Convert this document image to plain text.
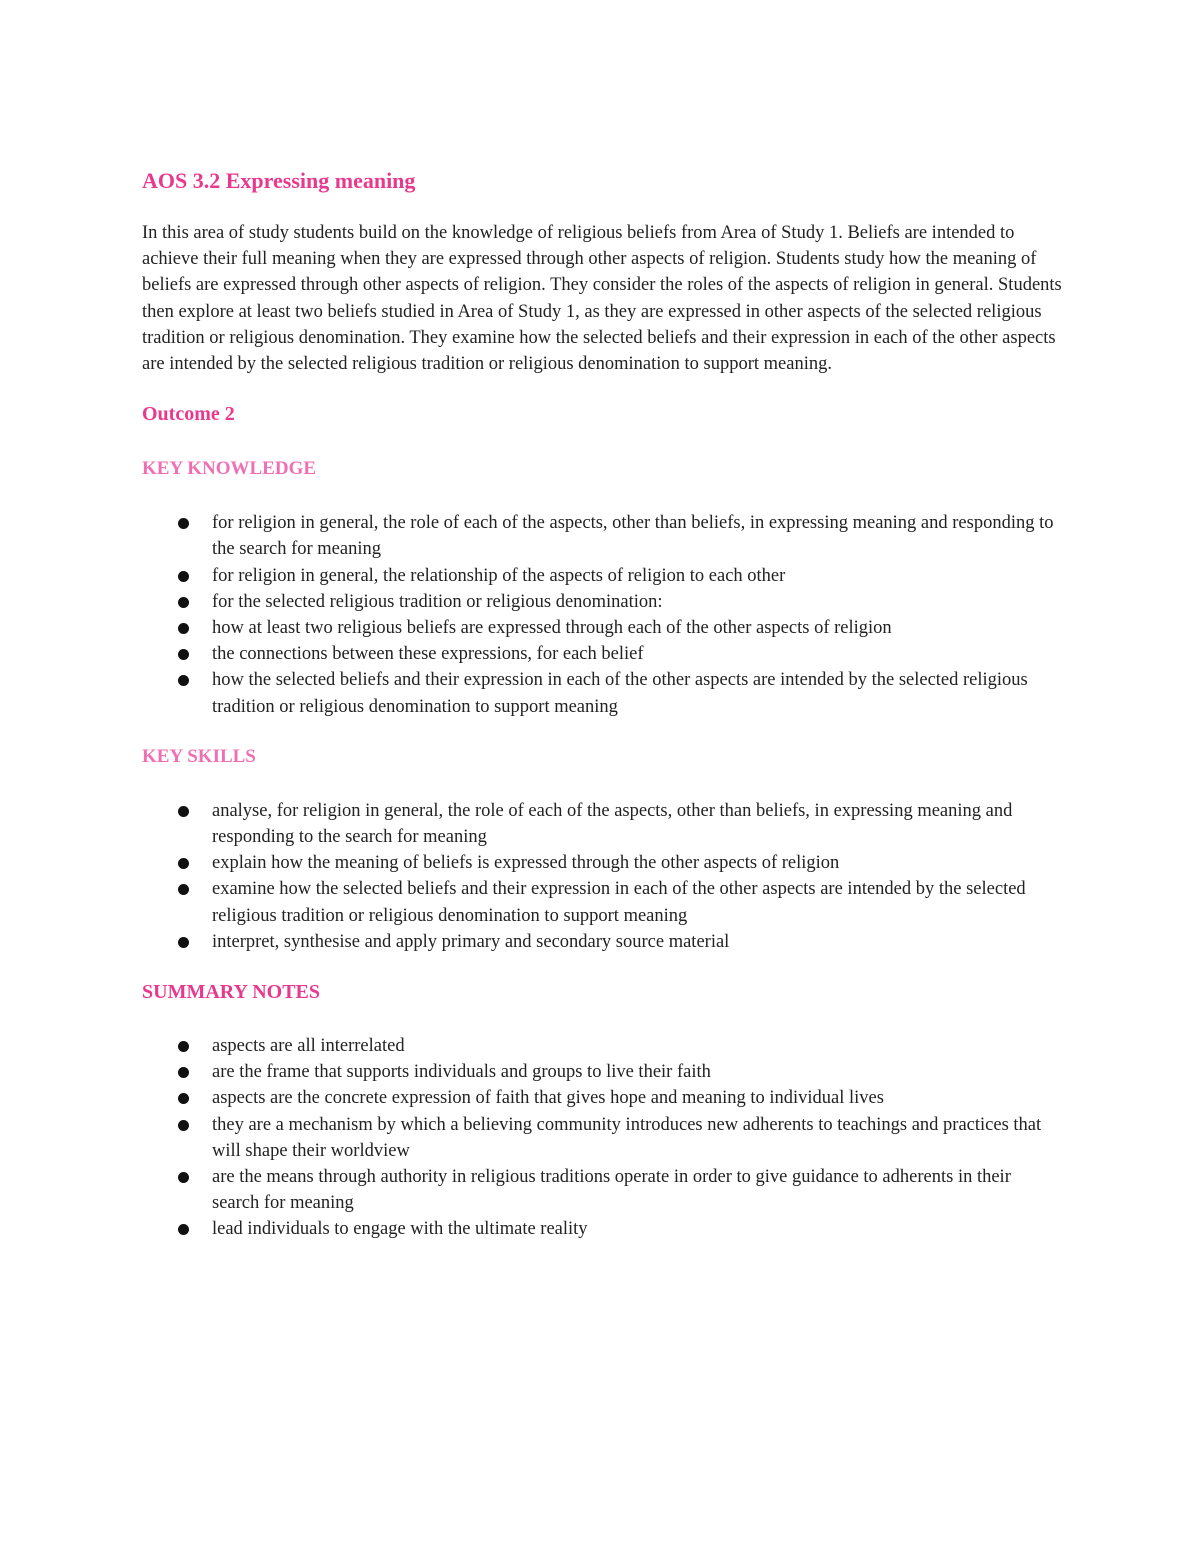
AOS 3.2 Expressing meaning

In this area of study students build on the knowledge of religious beliefs from Area of Study 1. Beliefs are intended to achieve their full meaning when they are expressed through other aspects of religion. Students study how the meaning of beliefs are expressed through other aspects of religion. They consider the roles of the aspects of religion in general. Students then explore at least two beliefs studied in Area of Study 1, as they are expressed in other aspects of the selected religious tradition or religious denomination. They examine how the selected beliefs and their expression in each of the other aspects are intended by the selected religious tradition or religious denomination to support meaning.

Outcome 2
KEY KNOWLEDGE
for religion in general, the role of each of the aspects, other than beliefs, in expressing meaning and responding to the search for meaning
for religion in general, the relationship of the aspects of religion to each other
for the selected religious tradition or religious denomination:
how at least two religious beliefs are expressed through each of the other aspects of religion
the connections between these expressions, for each belief
how the selected beliefs and their expression in each of the other aspects are intended by the selected religious tradition or religious denomination to support meaning
KEY SKILLS
analyse, for religion in general, the role of each of the aspects, other than beliefs, in expressing meaning and responding to the search for meaning
explain how the meaning of beliefs is expressed through the other aspects of religion
examine how the selected beliefs and their expression in each of the other aspects are intended by the selected religious tradition or religious denomination to support meaning
interpret, synthesise and apply primary and secondary source material
SUMMARY NOTES
aspects are all interrelated
are the frame that supports individuals and groups to live their faith
aspects are the concrete expression of faith that gives hope and meaning to individual lives
they are a mechanism by which a believing community introduces new adherents to teachings and practices that will shape their worldview
are the means through authority in religious traditions operate in order to give guidance to adherents in their search for meaning
lead individuals to engage with the ultimate reality
